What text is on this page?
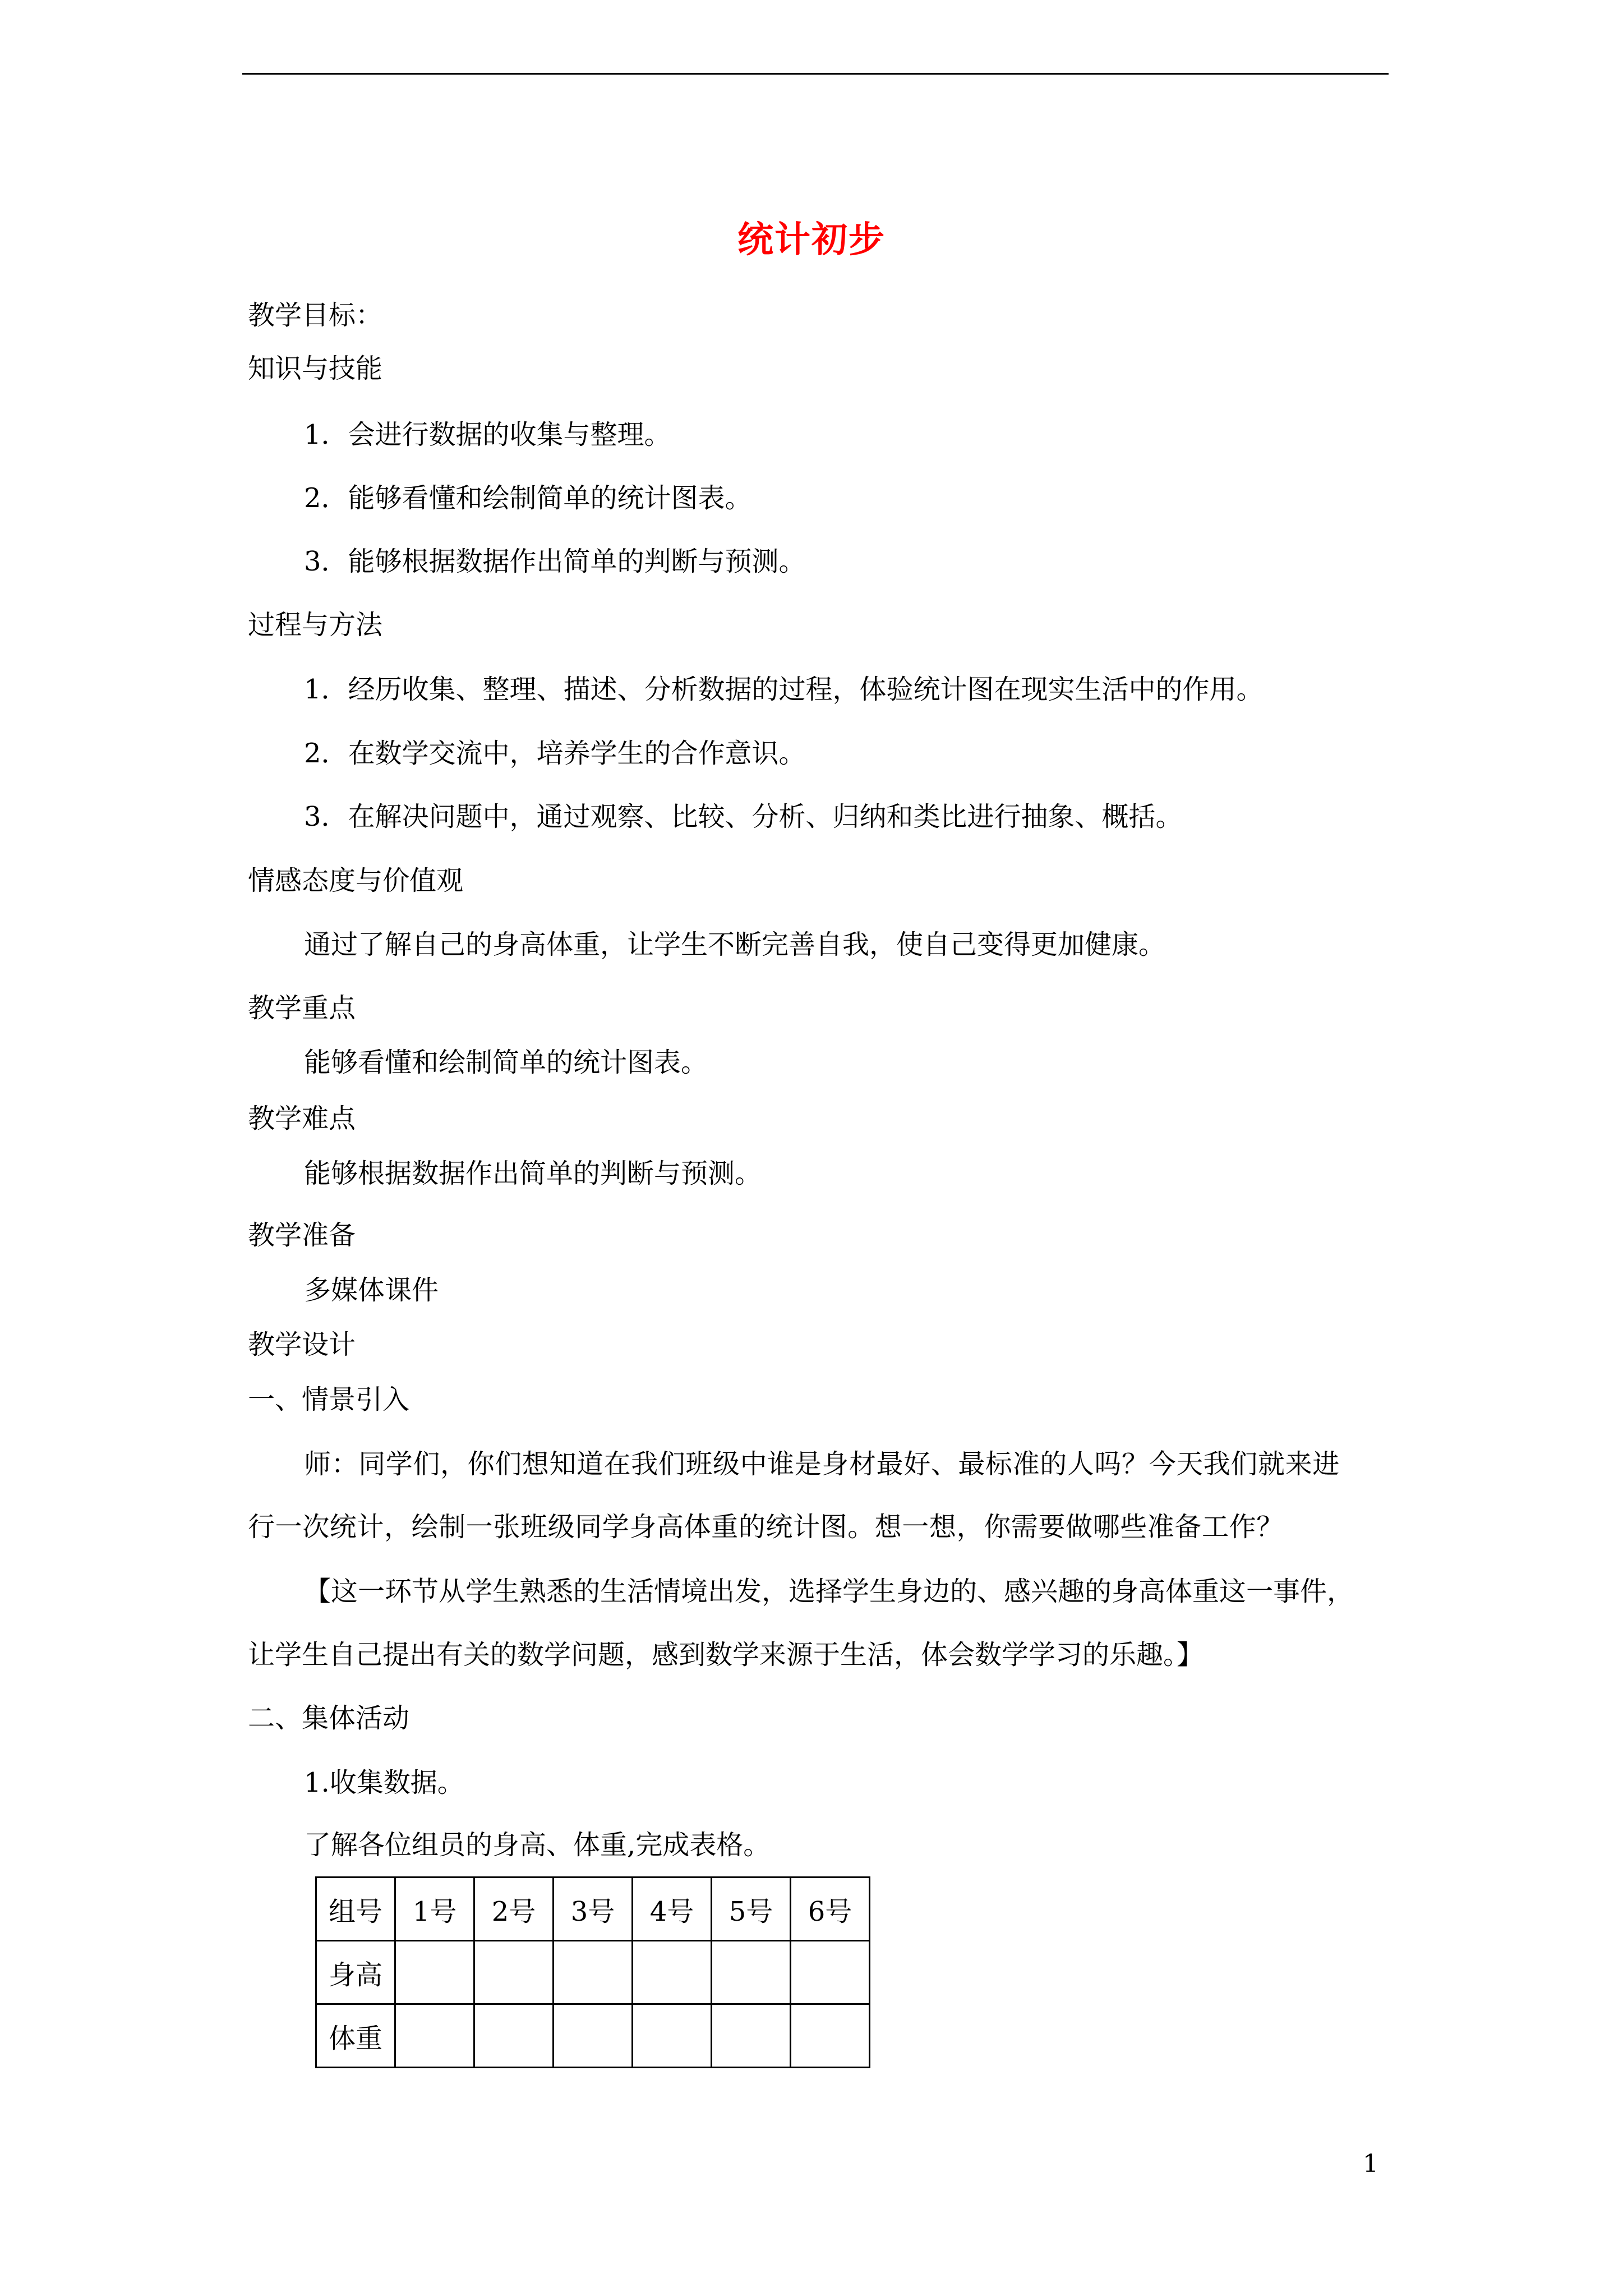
统计初步
教学目标：
知识与技能
1．会进行数据的收集与整理。
2．能够看懂和绘制简单的统计图表。
3．能够根据数据作出简单的判断与预测。
过程与方法
1．经历收集、整理、描述、分析数据的过程，体验统计图在现实生活中的作用。
2．在数学交流中，培养学生的合作意识。
3．在解决问题中，通过观察、比较、分析、归纳和类比进行抽象、概括。
情感态度与价值观
通过了解自己的身高体重，让学生不断完善自我，使自己变得更加健康。
教学重点
能够看懂和绘制简单的统计图表。
教学难点
能够根据数据作出简单的判断与预测。
教学准备
多媒体课件
教学设计
一、情景引入
师：同学们，你们想知道在我们班级中谁是身材最好、最标准的人吗？今天我们就来进
行一次统计，绘制一张班级同学身高体重的统计图。想一想，你需要做哪些准备工作？
【这一环节从学生熟悉的生活情境出发，选择学生身边的、感兴趣的身高体重这一事件，
让学生自己提出有关的数学问题，感到数学来源于生活，体会数学学习的乐趣。】
二、集体活动
1.收集数据。
了解各位组员的身高、体重,完成表格。
组号	1号	2号	3号	4号	5号	6号
身高						
体重						
1
